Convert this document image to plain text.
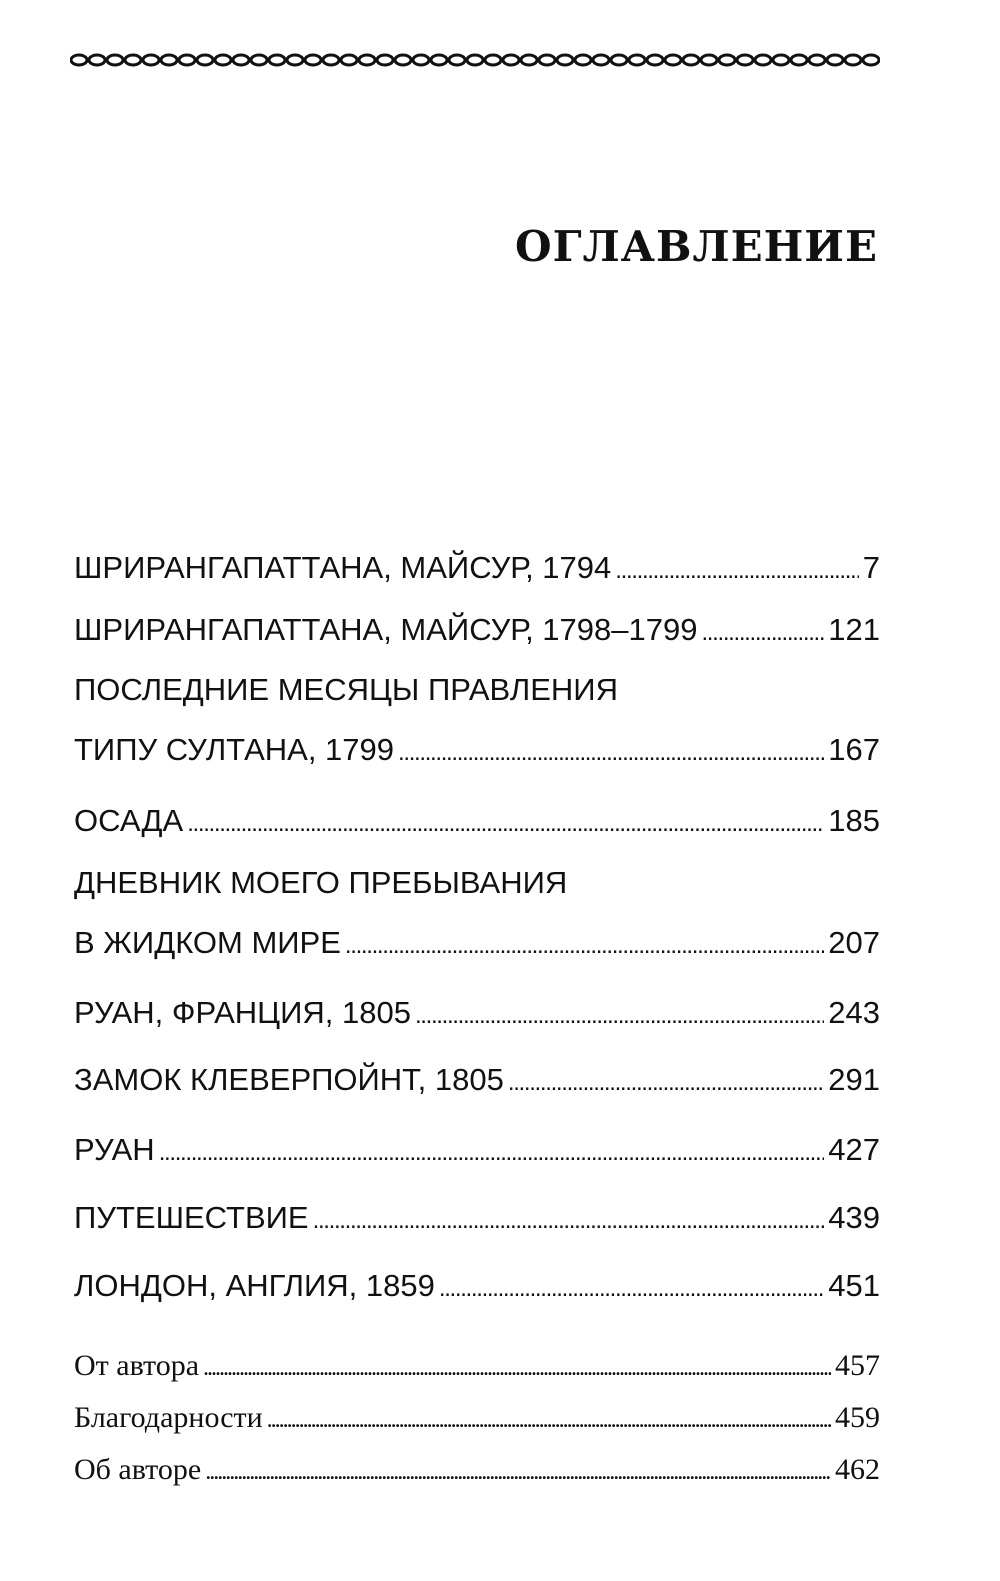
ОГЛАВЛЕНИЕ
ШРИРАНГАПАТТАНА, МАЙСУР, 1794 . . .	7
ШРИРАНГАПАТТАНА, МАЙСУР, 1798–1799 . . .	121
ПОСЛЕДНИЕ МЕСЯЦЫ ПРАВЛЕНИЯ
ТИПУ СУЛТАНА, 1799 . . .	167
ОСАДА . . .	185
ДНЕВНИК МОЕГО ПРЕБЫВАНИЯ
В ЖИДКОМ МИРЕ . . .	207
РУАН, ФРАНЦИЯ, 1805 . . .	243
ЗАМОК КЛЕВЕРПОЙНТ, 1805 . . .	291
РУАН . . .	427
ПУТЕШЕСТВИЕ . . .	439
ЛОНДОН, АНГЛИЯ, 1859 . . .	451
От автора . . .	457
Благодарности . . .	459
Об авторе . . .	462
